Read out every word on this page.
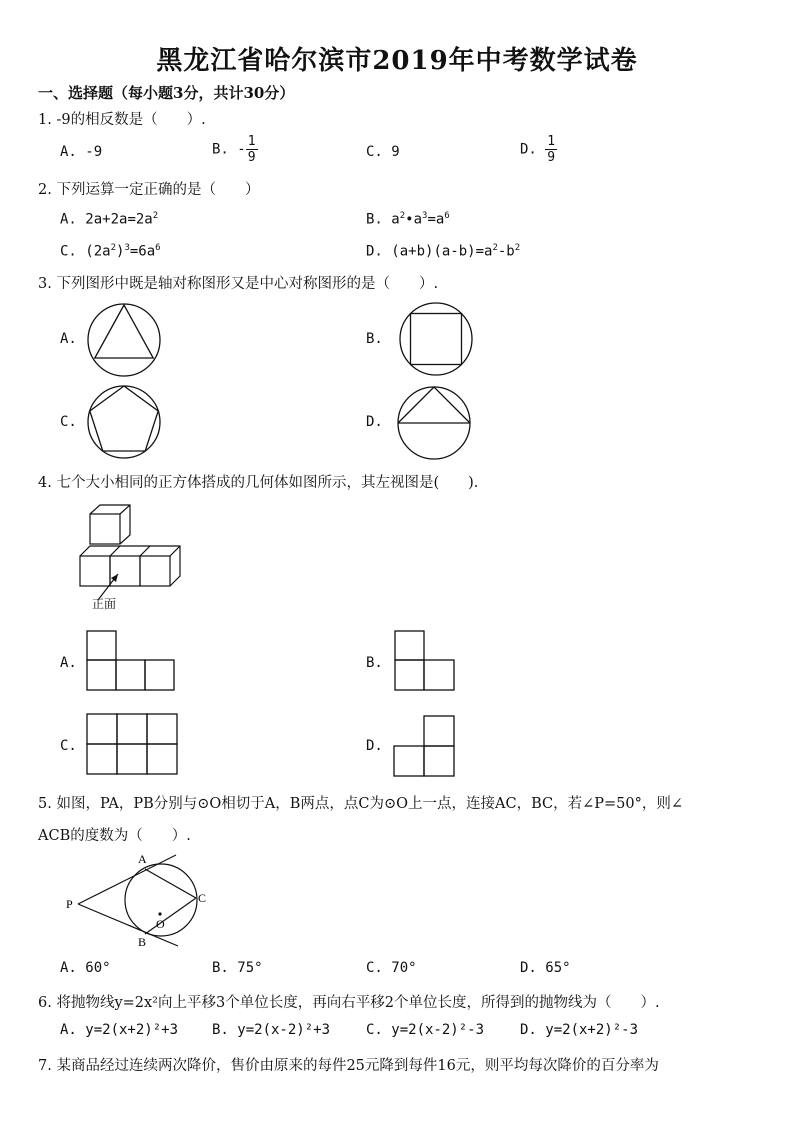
黑龙江省哈尔滨市2019年中考数学试卷
一、选择题（每小题3分，共计30分）
1. -9的相反数是（　　）.
A. -9	B. - $\frac{1}{9}$	C. 9	D. $\frac{1}{9}$
2. 下列运算一定正确的是（　　）
A. $2a+2a=2a^2$	B. $a^2•a^3=a^6$
C. $(2a^2)^3=6a^6$	D. $(a+b)(a-b)=a^2-b^2$
3. 下列图形中既是轴对称图形又是中心对称图形的是（　　）.
A.	B.
C.	D.
4. 七个大小相同的正方体搭成的几何体如图所示，其左视图是(　　).
正面
A.	B.
C.	D.
5. 如图，PA，PB分别与⊙O相切于A，B两点，点C为⊙O上一点，连接AC，BC，若∠P=50°，则∠
ACB的度数为（　　）.
P
A
B
C
O
A. 60°	B. 75°	C. 70°	D. 65°
6. 将抛物线y=2x²向上平移3个单位长度，再向右平移2个单位长度，所得到的抛物线为（　　）.
A. y=2(x+2)²+3 B. y=2(x-2)²+3	C. y=2(x-2)²-3	D. y=2(x+2)²-3
7. 某商品经过连续两次降价，售价由原来的每件25元降到每件16元，则平均每次降价的百分率为
